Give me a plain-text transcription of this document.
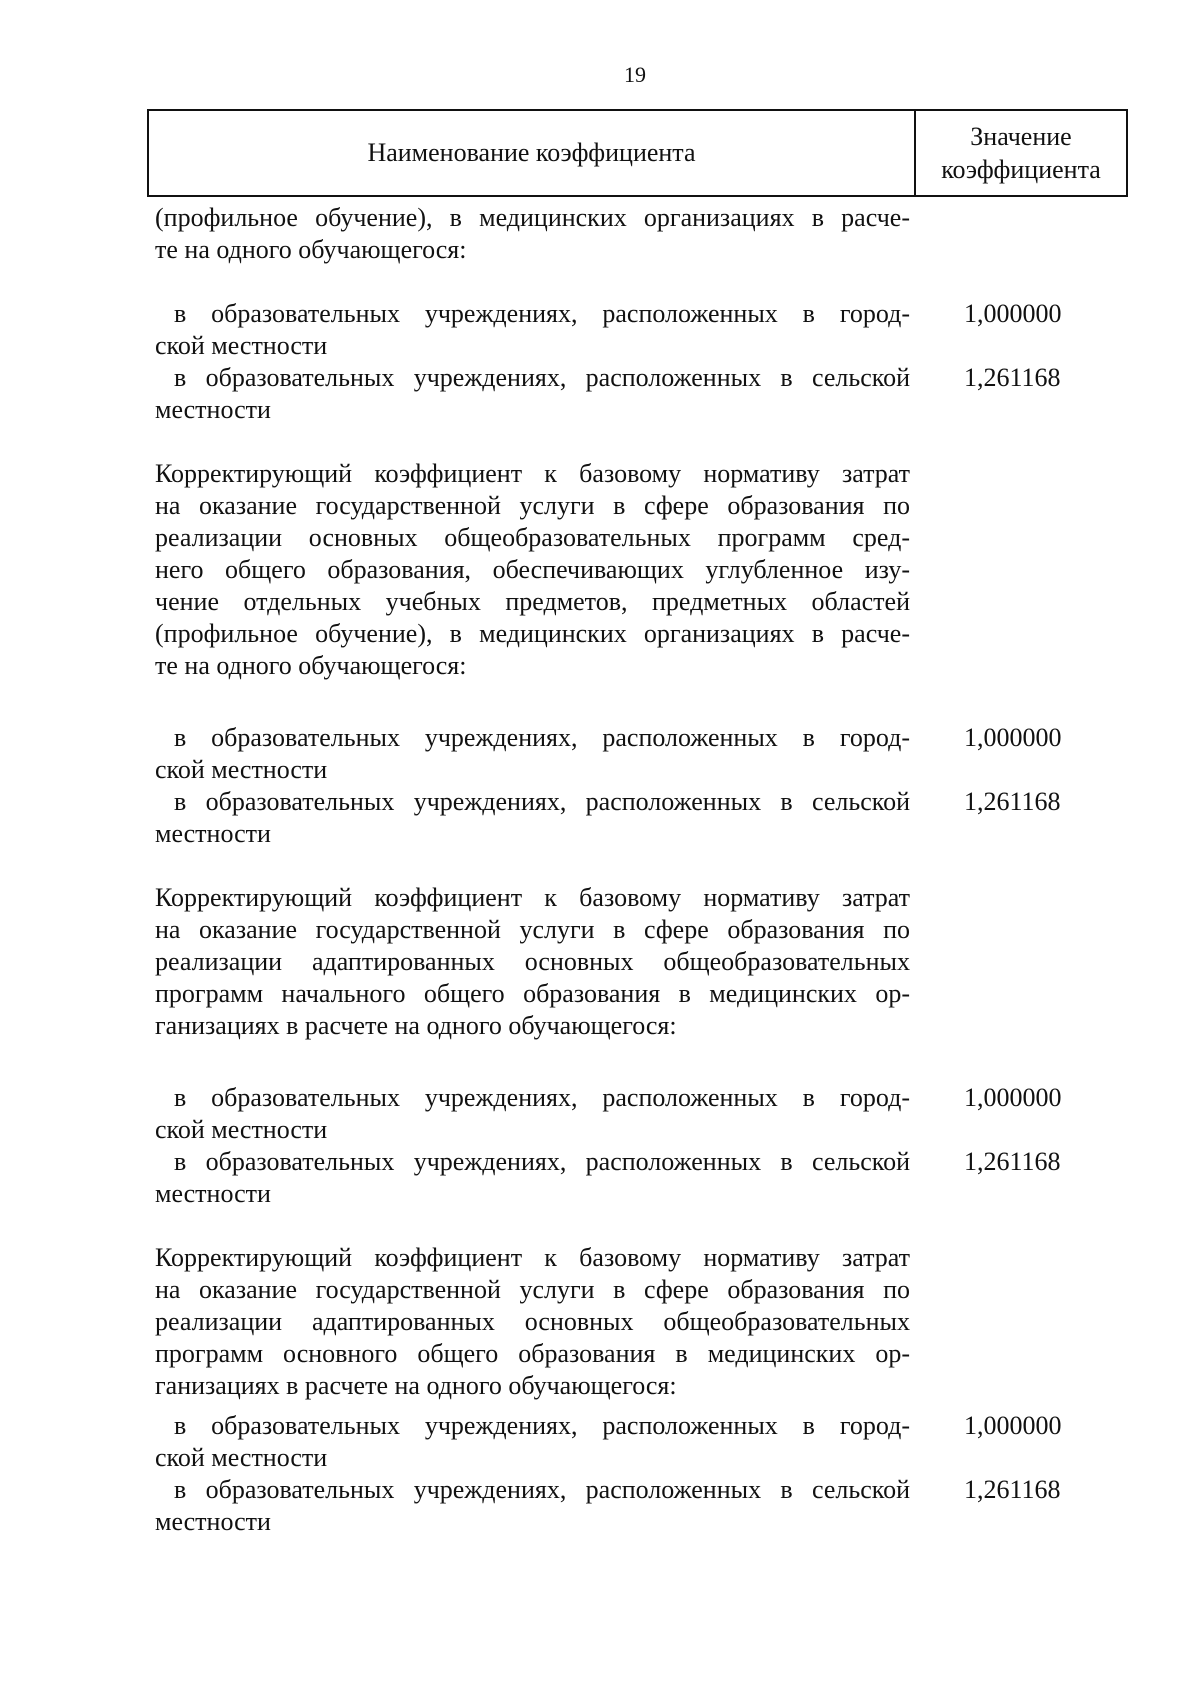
19
Наименование коэффициента
Значение
коэффициента
(профильное обучение), в медицинских организациях в расче-
те на одного обучающегося:
в образовательных учреждениях, расположенных в город- 1,000000
ской местности
в образовательных учреждениях, расположенных в сельской 1,261168
местности
Корректирующий коэффициент к базовому нормативу затрат
на оказание государственной услуги в сфере образования по
реализации основных общеобразовательных программ сред-
него общего образования, обеспечивающих углубленное изу-
чение отдельных учебных предметов, предметных областей
(профильное обучение), в медицинских организациях в расче-
те на одного обучающегося:
в образовательных учреждениях, расположенных в город- 1,000000
ской местности
в образовательных учреждениях, расположенных в сельской 1,261168
местности
Корректирующий коэффициент к базовому нормативу затрат
на оказание государственной услуги в сфере образования по
реализации адаптированных основных общеобразовательных
программ начального общего образования в медицинских ор-
ганизациях в расчете на одного обучающегося:
в образовательных учреждениях, расположенных в город- 1,000000
ской местности
в образовательных учреждениях, расположенных в сельской 1,261168
местности
Корректирующий коэффициент к базовому нормативу затрат
на оказание государственной услуги в сфере образования по
реализации адаптированных основных общеобразовательных
программ основного общего образования в медицинских ор-
ганизациях в расчете на одного обучающегося:
в образовательных учреждениях, расположенных в город- 1,000000
ской местности
в образовательных учреждениях, расположенных в сельской 1,261168
местности
